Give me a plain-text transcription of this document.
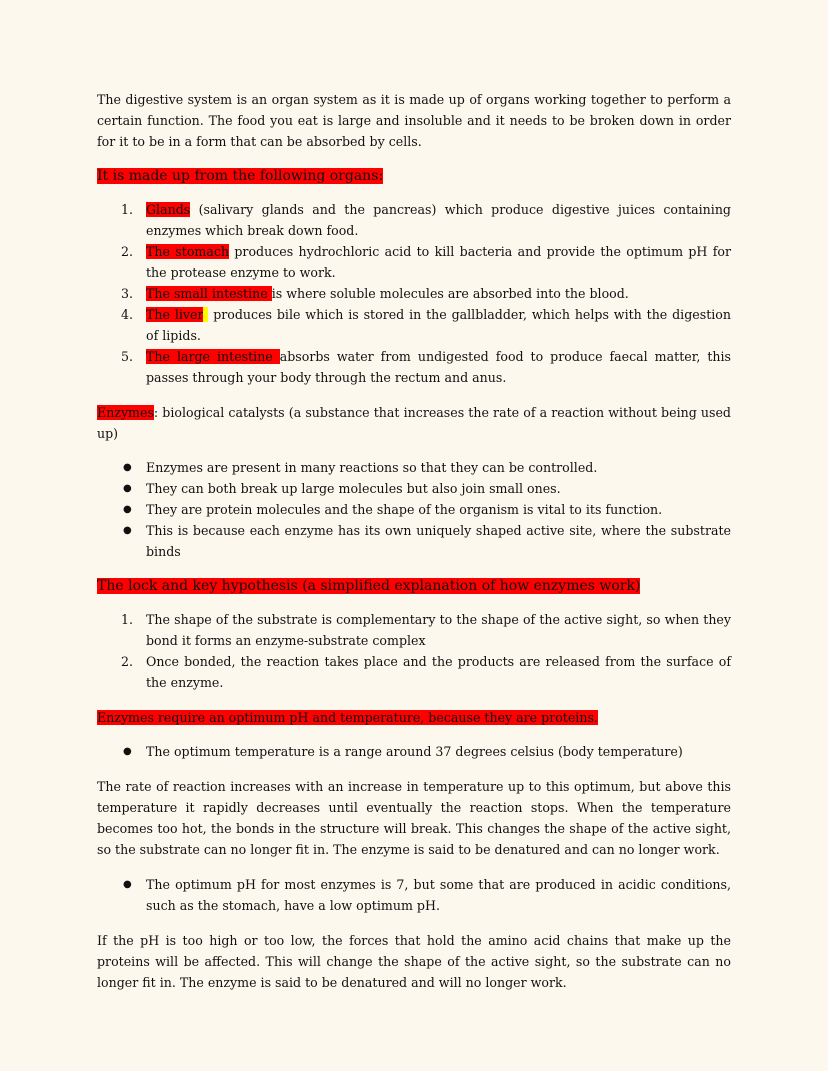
The digestive system is an organ system as it is made up of organs working together to perform a certain function. The food you eat is large and insoluble and it needs to be broken down in order for it to be in a form that can be absorbed by cells.

It is made up from the following organs:

1. Glands (salivary glands and the pancreas) which produce digestive juices containing enzymes which break down food.
2. The stomach produces hydrochloric acid to kill bacteria and provide the optimum pH for the protease enzyme to work.
3. The small intestine is where soluble molecules are absorbed into the blood.
4. The liver  produces bile which is stored in the gallbladder, which helps with the digestion of lipids.
5. The large intestine absorbs water from undigested food to produce faecal matter, this passes through your body through the rectum and anus.

Enzymes: biological catalysts (a substance that increases the rate of a reaction without being used up)

● Enzymes are present in many reactions so that they can be controlled.
● They can both break up large molecules but also join small ones.
● They are protein molecules and the shape of the organism is vital to its function.
● This is because each enzyme has its own uniquely shaped active site, where the substrate binds

The lock and key hypothesis (a simplified explanation of how enzymes work)

1. The shape of the substrate is complementary to the shape of the active sight, so when they bond it forms an enzyme-substrate complex
2. Once bonded, the reaction takes place and the products are released from the surface of the enzyme.

Enzymes require an optimum pH and temperature, because they are proteins.

● The optimum temperature is a range around 37 degrees celsius (body temperature)

The rate of reaction increases with an increase in temperature up to this optimum, but above this temperature it rapidly decreases until eventually the reaction stops. When the temperature becomes too hot, the bonds in the structure will break. This changes the shape of the active sight, so the substrate can no longer fit in. The enzyme is said to be denatured and can no longer work.

● The optimum pH for most enzymes is 7, but some that are produced in acidic conditions, such as the stomach, have a low optimum pH.

If the pH is too high or too low, the forces that hold the amino acid chains that make up the proteins will be affected. This will change the shape of the active sight, so the substrate can no longer fit in. The enzyme is said to be denatured and will no longer work.
